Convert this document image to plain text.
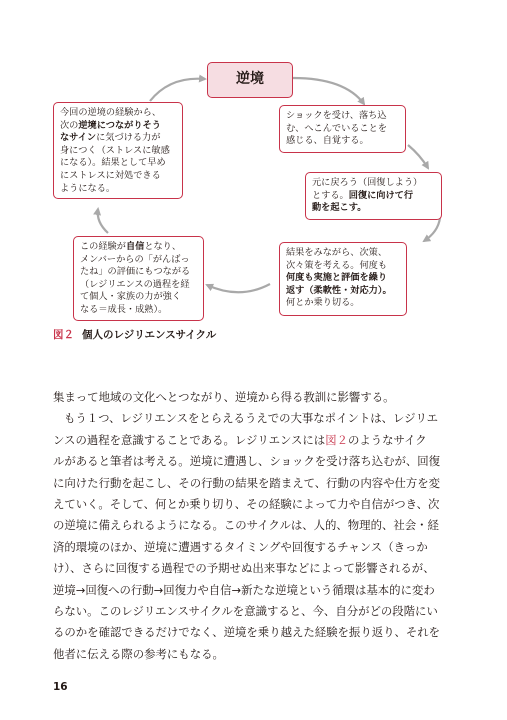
逆境
ショックを受け、落ち込
む、へこんでいることを
感じる、自覚する。
元に戻ろう（回復しよう）
とする。回復に向けて行
動を起こす。
結果をみながら、次策、
次々策を考える。何度も
何度も実施と評価を繰り
返す（柔軟性・対応力）。
何とか乗り切る。
この経験が自信となり、
メンバーからの「がんばっ
たね」の評価にもつながる
（レジリエンスの過程を経
て個人・家族の力が強く
なる＝成長・成熟）。
今回の逆境の経験から、
次の逆境につながりそう
なサインに気づける力が
身につく（ストレスに敏感
になる）。結果として早め
にストレスに対処できる
ようになる。
図２ 個人のレジリエンスサイクル
集まって地域の文化へとつながり、逆境から得る教訓に影響する。
もう１つ、レジリエンスをとらえるうえでの大事なポイントは、レジリエ
ンスの過程を意識することである。レジリエンスには図２のようなサイク
ルがあると筆者は考える。逆境に遭遇し、ショックを受け落ち込むが、回復
に向けた行動を起こし、その行動の結果を踏まえて、行動の内容や仕方を変
えていく。そして、何とか乗り切り、その経験によって力や自信がつき、次
の逆境に備えられるようになる。このサイクルは、人的、物理的、社会・経
済的環境のほか、逆境に遭遇するタイミングや回復するチャンス（きっか
け）、さらに回復する過程での予期せぬ出来事などによって影響されるが、
逆境→回復への行動→回復力や自信→新たな逆境という循環は基本的に変わ
らない。このレジリエンスサイクルを意識すると、今、自分がどの段階にい
るのかを確認できるだけでなく、逆境を乗り越えた経験を振り返り、それを
他者に伝える際の参考にもなる。
16
